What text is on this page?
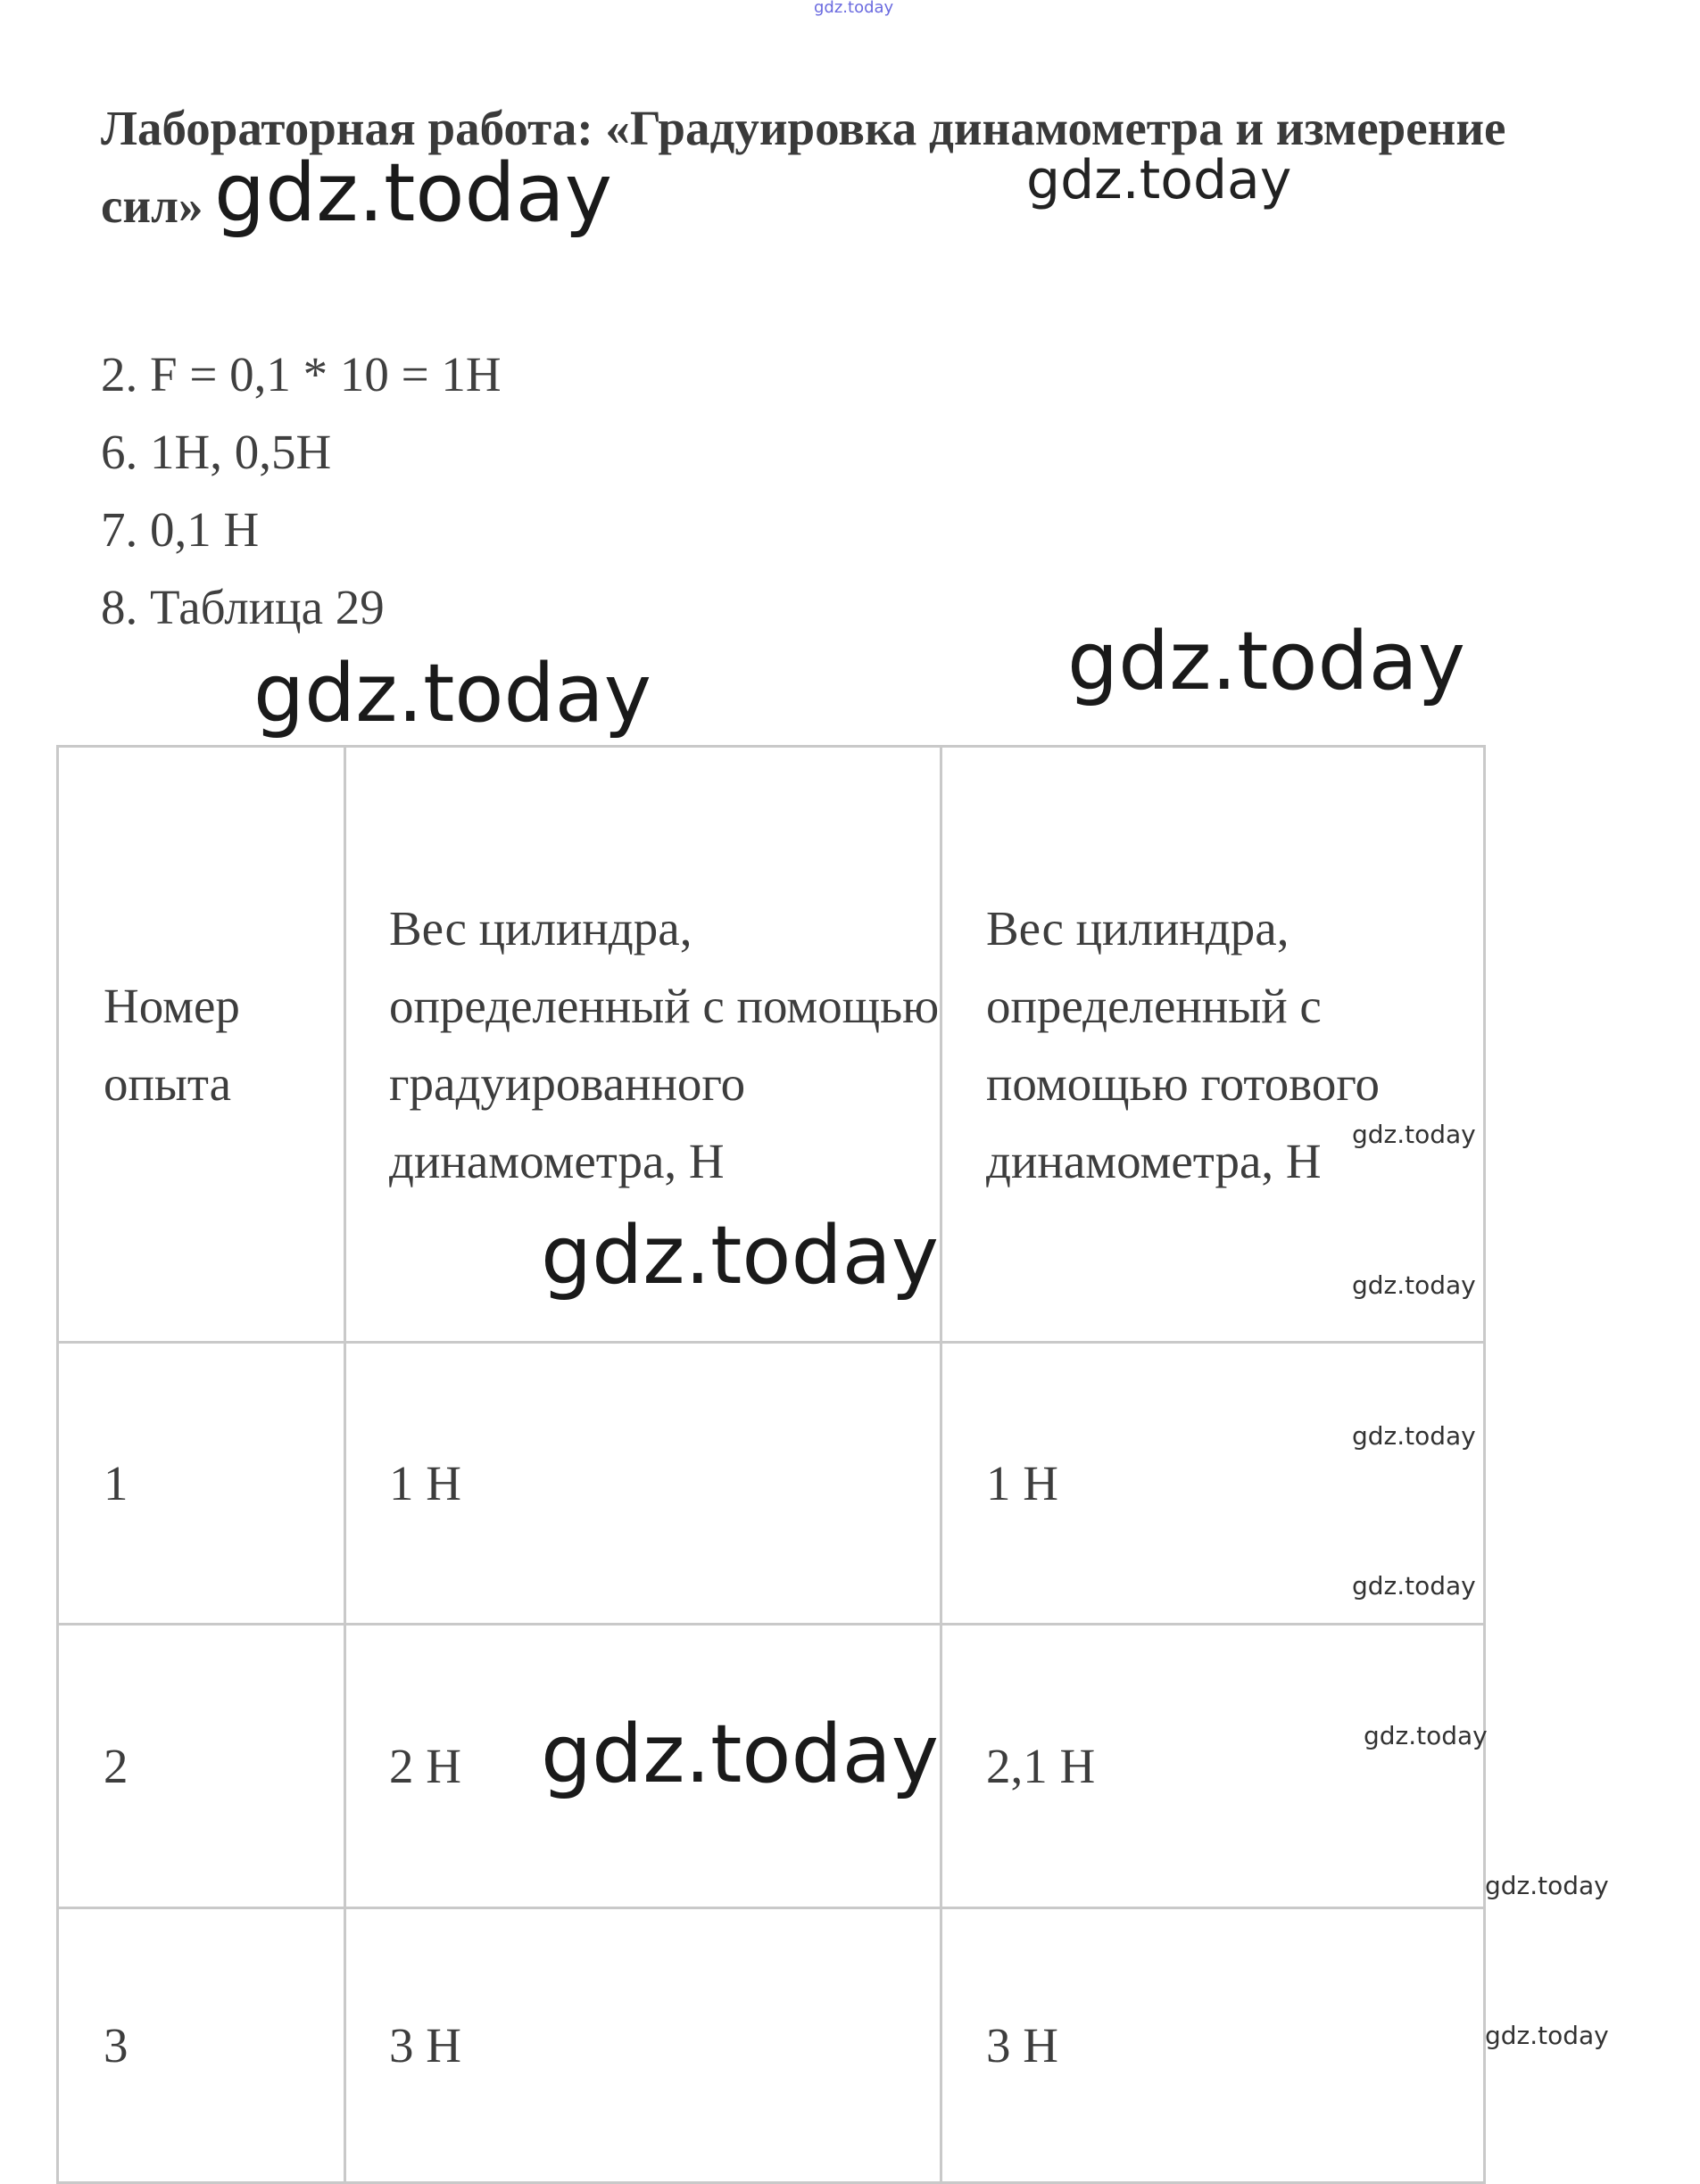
gdz.today
Лабораторная работа: «Градуировка динамометра и измерение
сил» gdz.today	gdz.today
2. F = 0,1 * 10 = 1Н
6. 1Н, 0,5Н
7. 0,1 Н
8. Таблица 29
gdz.today	gdz.today
Номер опыта	Вес цилиндра, определенный с помощью градуированного динамометра, Н	Вес цилиндра, определенный с помощью готового динамометра, Н
1	1 Н	1 Н
2	2 Н	2,1 Н
3	3 Н	3 Н
gdz.today
gdz.today
gdz.today
gdz.today
gdz.today
gdz.today	gdz.today
gdz.today
gdz.today
